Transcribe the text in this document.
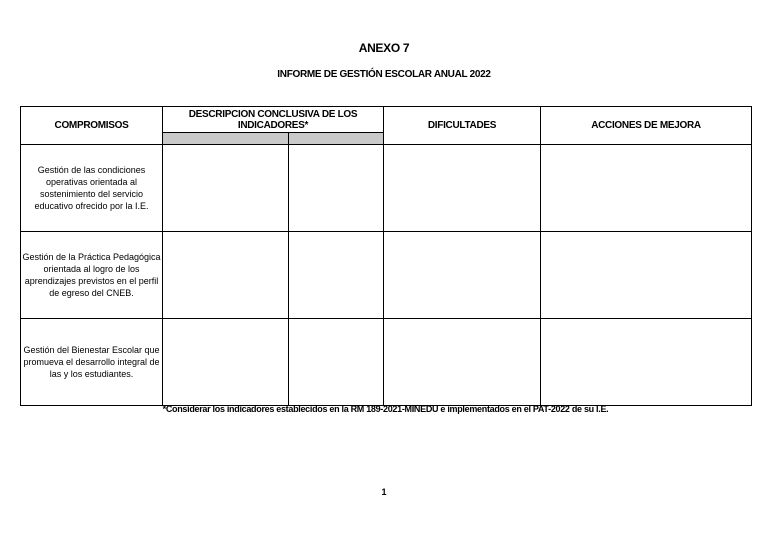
ANEXO 7
INFORME DE GESTIÓN ESCOLAR ANUAL 2022
COMPROMISOS	DESCRIPCION CONCLUSIVA DE LOS INDICADORES*		DIFICULTADES	ACCIONES DE MEJORA

Gestión de las condiciones operativas orientada al sostenimiento del servicio educativo ofrecido por la I.E.				
Gestión de la Práctica Pedagógica orientada al logro de los aprendizajes previstos en el perfil de egreso del CNEB.				
Gestión del Bienestar Escolar que promueva el desarrollo integral de las y los estudiantes.				
*Considerar los indicadores establecidos en la RM 189-2021-MINEDU e implementados en el PAT-2022 de su I.E.
1
